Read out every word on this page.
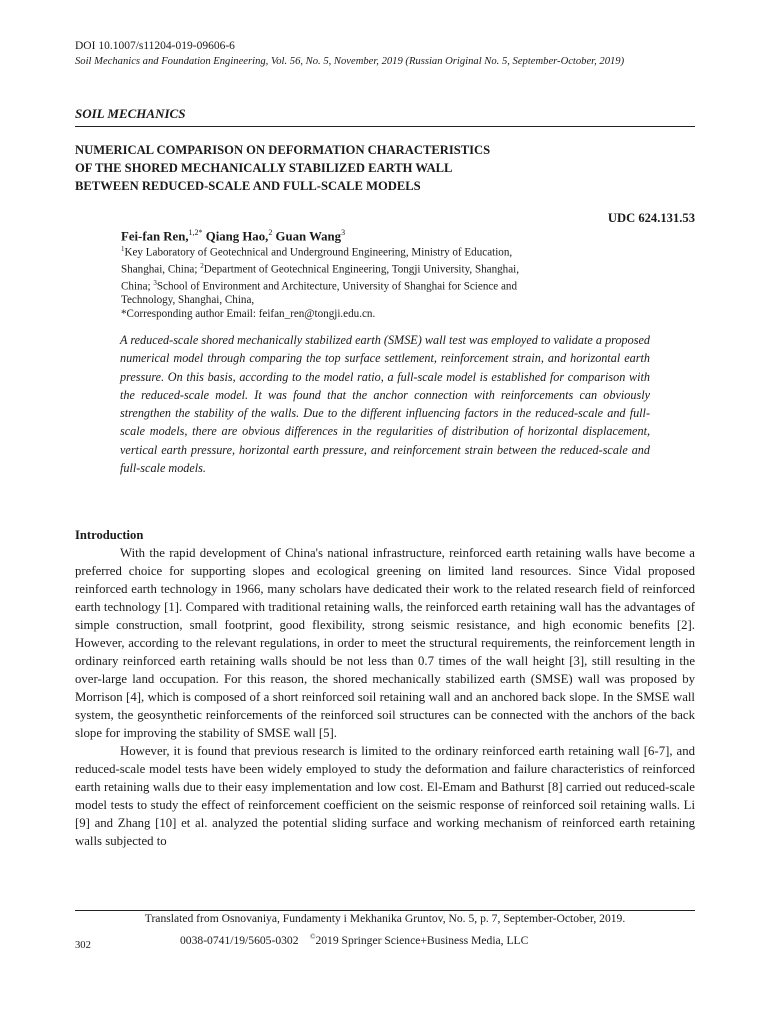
DOI 10.1007/s11204-019-09606-6
Soil Mechanics and Foundation Engineering, Vol. 56, No. 5, November, 2019 (Russian Original No. 5, September-October, 2019)
SOIL MECHANICS
NUMERICAL COMPARISON ON DEFORMATION CHARACTERISTICS
OF THE SHORED MECHANICALLY STABILIZED EARTH WALL
BETWEEN REDUCED-SCALE AND FULL-SCALE MODELS
UDC 624.131.53
Fei-fan Ren,$^{1,2*}$ Qiang Hao,$^2$ Guan Wang$^3$
$^1$Key Laboratory of Geotechnical and Underground Engineering, Ministry of Education, Shanghai, China; $^2$Department of Geotechnical Engineering, Tongji University, Shanghai, China; $^3$School of Environment and Architecture, University of Shanghai for Science and Technology, Shanghai, China,
*Corresponding author Email: feifan_ren@tongji.edu.cn.
A reduced-scale shored mechanically stabilized earth (SMSE) wall test was employed to validate a proposed numerical model through comparing the top surface settlement, reinforcement strain, and horizontal earth pressure. On this basis, according to the model ratio, a full-scale model is established for comparison with the reduced-scale model. It was found that the anchor connection with reinforcements can obviously strengthen the stability of the walls. Due to the different influencing factors in the reduced-scale and full-scale models, there are obvious differences in the regularities of distribution of horizontal displacement, vertical earth pressure, horizontal earth pressure, and reinforcement strain between the reduced-scale and full-scale models.
Introduction

With the rapid development of China's national infrastructure, reinforced earth retaining walls have become a preferred choice for supporting slopes and ecological greening on limited land resources. Since Vidal proposed reinforced earth technology in 1966, many scholars have dedicated their work to the related research field of reinforced earth technology [1]. Compared with traditional retaining walls, the reinforced earth retaining wall has the advantages of simple construction, small footprint, good flexibility, strong seismic resistance, and high economic benefits [2]. However, according to the relevant regulations, in order to meet the structural requirements, the reinforcement length in ordinary reinforced earth retaining walls should be not less than 0.7 times of the wall height [3], still resulting in the over-large land occupation. For this reason, the shored mechanically stabilized earth (SMSE) wall was proposed by Morrison [4], which is composed of a short reinforced soil retaining wall and an anchored back slope. In the SMSE wall system, the geosynthetic reinforcements of the reinforced soil structures can be connected with the anchors of the back slope for improving the stability of SMSE wall [5].

However, it is found that previous research is limited to the ordinary reinforced earth retaining wall [6-7], and reduced-scale model tests have been widely employed to study the deformation and failure characteristics of reinforced earth retaining walls due to their easy implementation and low cost. El-Emam and Bathurst [8] carried out reduced-scale model tests to study the effect of reinforcement coefficient on the seismic response of reinforced soil retaining walls. Li [9] and Zhang [10] et al. analyzed the potential sliding surface and working mechanism of reinforced earth retaining walls subjected to

Translated from Osnovaniya, Fundamenty i Mekhanika Gruntov, No. 5, p. 7, September-October, 2019.
0038-0741/19/5605-0302 ©2019 Springer Science+Business Media, LLC
302
